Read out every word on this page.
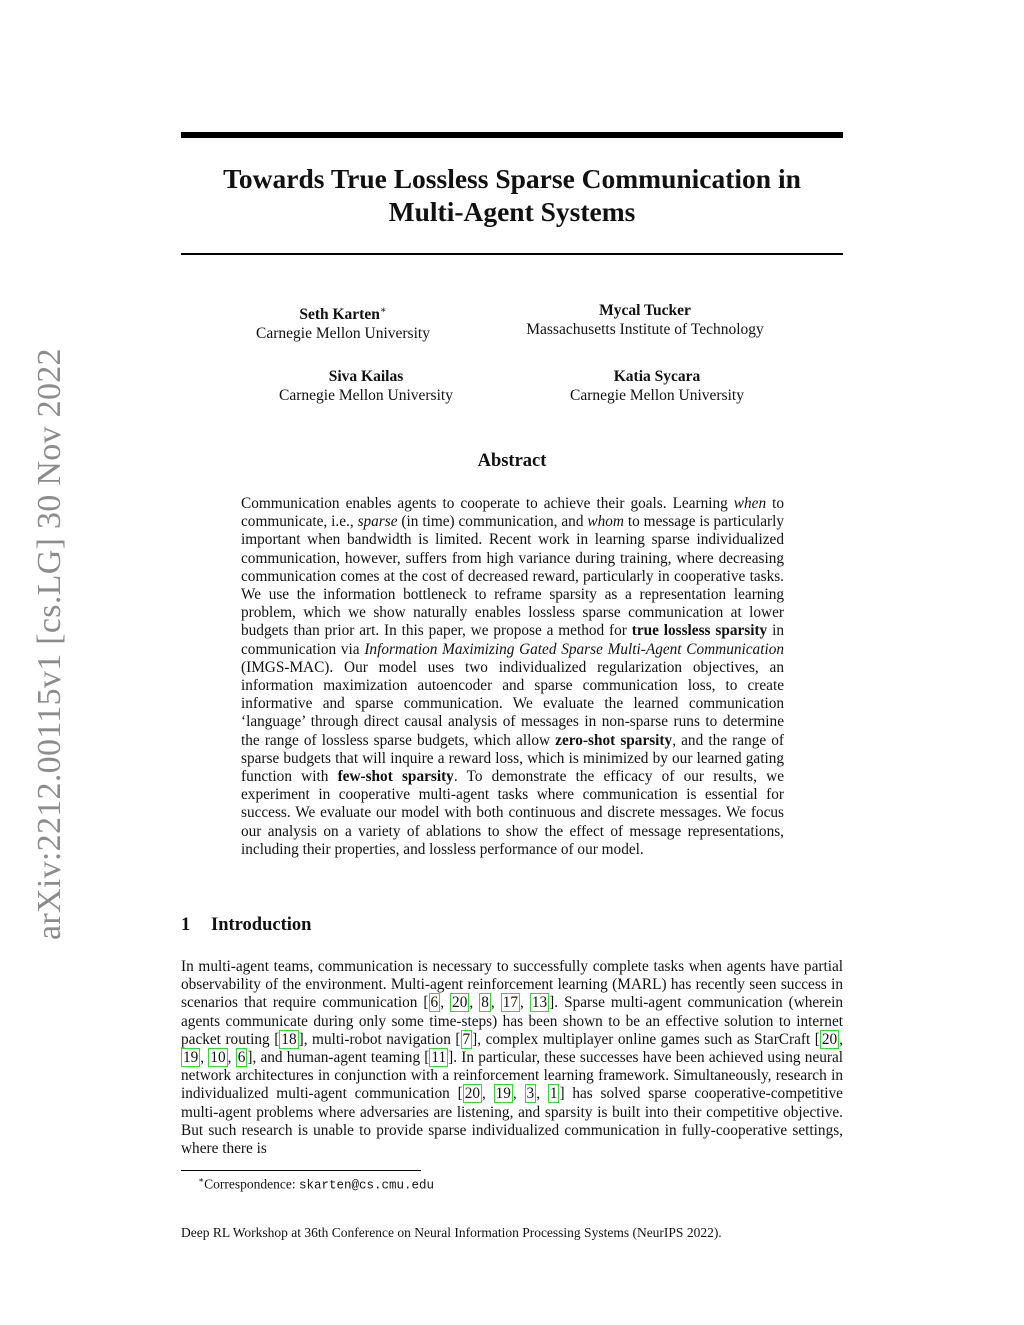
arXiv:2212.00115v1 [cs.LG] 30 Nov 2022
Towards True Lossless Sparse Communication in
Multi-Agent Systems
Seth Karten∗
Carnegie Mellon University
Mycal Tucker
Massachusetts Institute of Technology
Siva Kailas
Carnegie Mellon University
Katia Sycara
Carnegie Mellon University
Abstract
Communication enables agents to cooperate to achieve their goals. Learning when to communicate, i.e., sparse (in time) communication, and whom to message is particularly important when bandwidth is limited. Recent work in learning sparse individualized communication, however, suffers from high variance during training, where decreasing communication comes at the cost of decreased reward, particularly in cooperative tasks. We use the information bottleneck to reframe sparsity as a representation learning problem, which we show naturally enables lossless sparse communication at lower budgets than prior art. In this paper, we propose a method for true lossless sparsity in communication via Information Maximizing Gated Sparse Multi-Agent Communication (IMGS-MAC). Our model uses two individualized regularization objectives, an information maximization autoencoder and sparse communication loss, to create informative and sparse communication. We evaluate the learned communication ‘language’ through direct causal analysis of messages in non-sparse runs to determine the range of lossless sparse budgets, which allow zero-shot sparsity, and the range of sparse budgets that will inquire a reward loss, which is minimized by our learned gating function with few-shot sparsity. To demonstrate the efficacy of our results, we experiment in cooperative multi-agent tasks where communication is essential for success. We evaluate our model with both continuous and discrete messages. We focus our analysis on a variety of ablations to show the effect of message representations, including their properties, and lossless performance of our model.
1 Introduction
In multi-agent teams, communication is necessary to successfully complete tasks when agents have partial observability of the environment. Multi-agent reinforcement learning (MARL) has recently seen success in scenarios that require communication [ 6 , 20 , 8 , 17 , 13 ]. Sparse multi-agent communication (wherein agents communicate during only some time-steps) has been shown to be an effective solution to internet packet routing [ 18 ], multi-robot navigation [ 7 ], complex multiplayer online games such as StarCraft [ 20 , 19 , 10 , 6 ], and human-agent teaming [ 11 ]. In particular, these successes have been achieved using neural network architectures in conjunction with a reinforcement learning framework. Simultaneously, research in individualized multi-agent communication [ 20 , 19 , 3 , 1 ] has solved sparse cooperative-competitive multi-agent problems where adversaries are listening, and sparsity is built into their competitive objective. But such research is unable to provide sparse individualized communication in fully-cooperative settings, where there is
∗Correspondence: skarten@cs.cmu.edu
Deep RL Workshop at 36th Conference on Neural Information Processing Systems (NeurIPS 2022).
